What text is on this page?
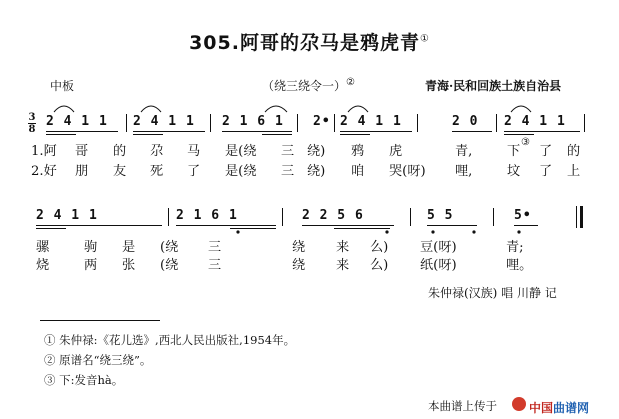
305.阿哥的尕马是鸦虎青①
中板	（绕三绕令一）②	青海·民和回族土族自治县
3
8
2 4 1 1 2 4 1 1 2 1 6 1 2• 2 4 1 1	2 0 2 4 1 1
1.阿 哥 的 尕 马 是(绕 三 绕) 鸦 虎	青,	下
③
了 的
2.好 朋 友 死 了 是(绕 三 绕) 咱 哭(呀) 哩,	坟 了 上
2 4 1 1	2 1 6 1	2 2 5 6	5 5	5•
骡	驹 是 (绕 三	绕 来 么) 豆(呀)	青;
烧	两 张 (绕 三	绕 来 么) 纸(呀)	哩。
朱仲禄(汉族) 唱 川静 记
① 朱仲禄:《花儿选》,西北人民出版社,1954年。
② 原谱名“绕三绕”。
③ 下:发音hà。
本曲谱上传于	中国曲谱网
